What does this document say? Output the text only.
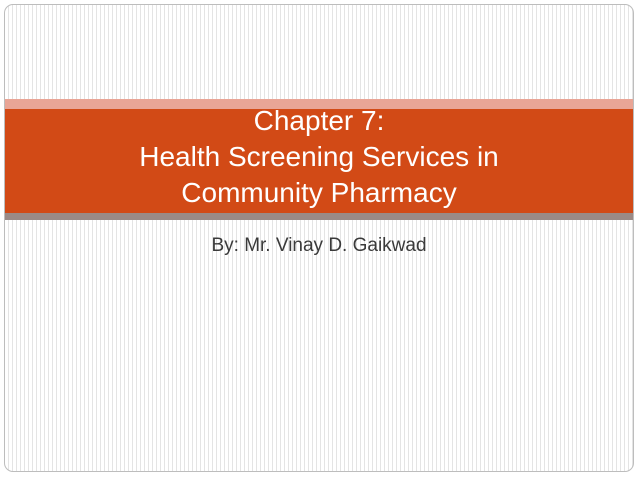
Chapter 7:
Health Screening Services in
Community Pharmacy
By: Mr. Vinay D. Gaikwad
